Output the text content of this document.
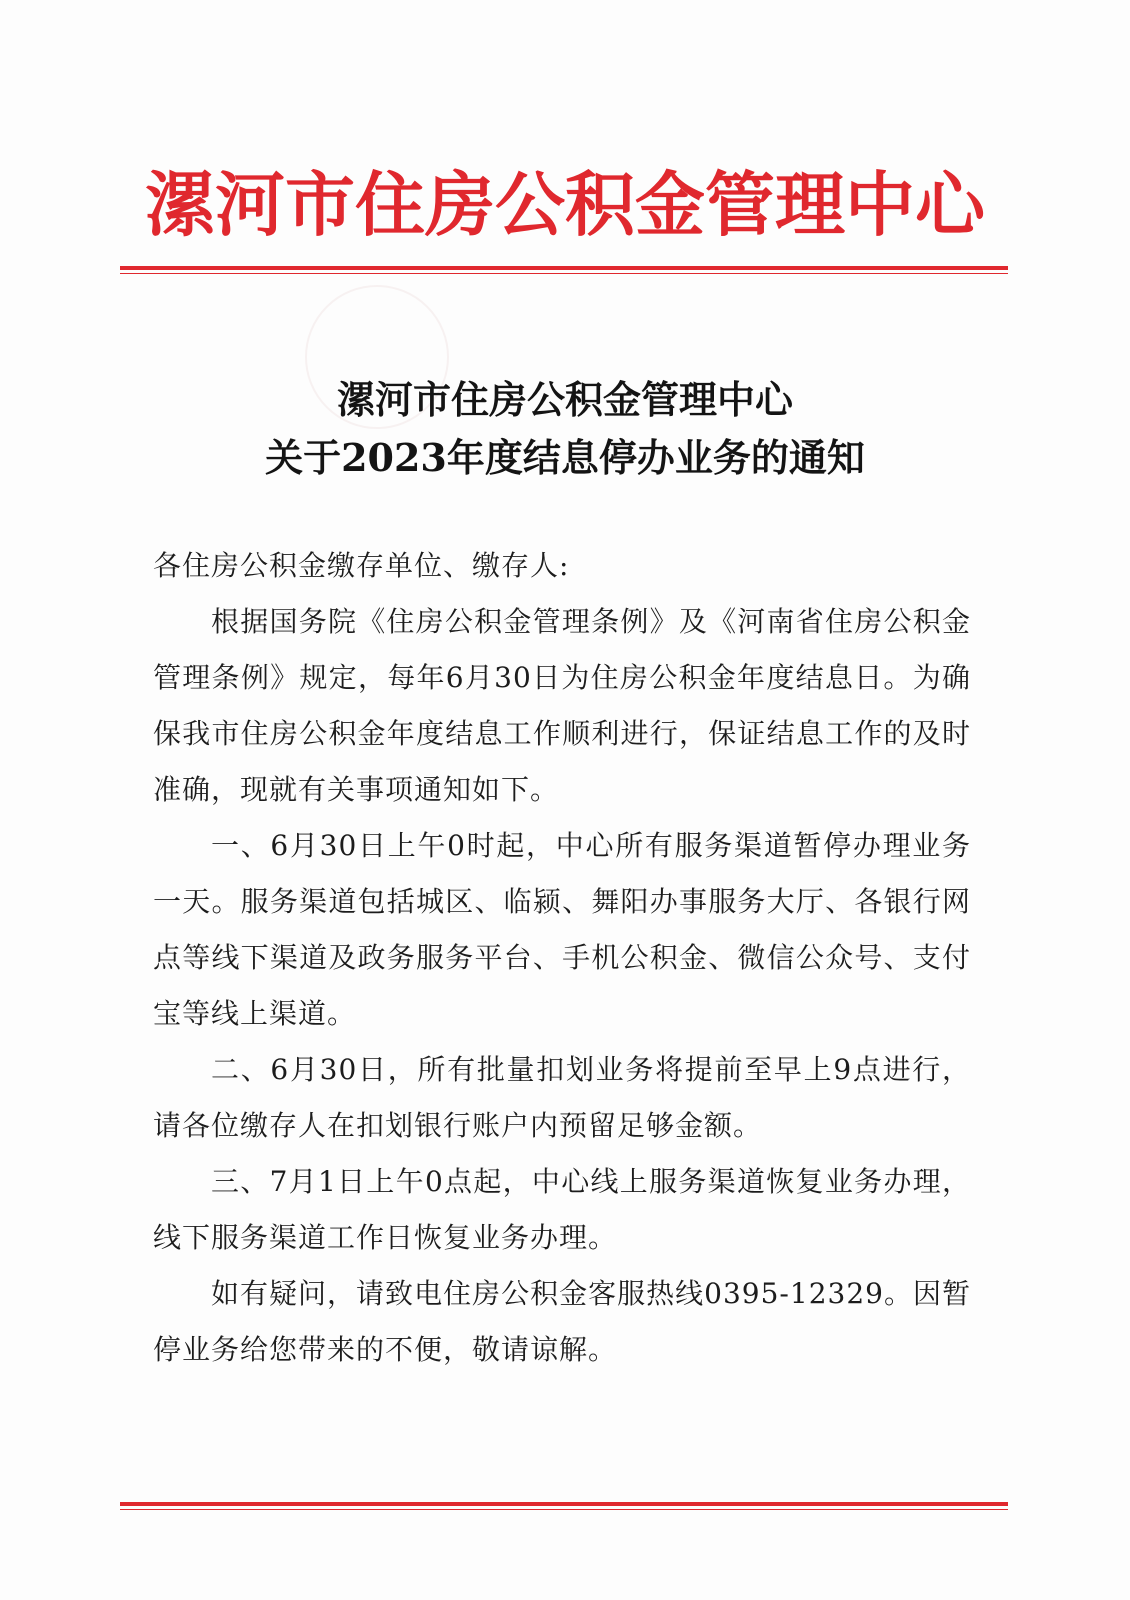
漯河市住房公积金管理中心
漯河市住房公积金管理中心
关于2023年度结息停办业务的通知
各住房公积金缴存单位、缴存人:

根据国务院《住房公积金管理条例》及《河南省住房公积金管理条例》规定，每年6月30日为住房公积金年度结息日。为确保我市住房公积金年度结息工作顺利进行，保证结息工作的及时准确，现就有关事项通知如下。

一、6月30日上午0时起，中心所有服务渠道暂停办理业务一天。服务渠道包括城区、临颍、舞阳办事服务大厅、各银行网点等线下渠道及政务服务平台、手机公积金、微信公众号、支付宝等线上渠道。

二、6月30日，所有批量扣划业务将提前至早上9点进行，请各位缴存人在扣划银行账户内预留足够金额。

三、7月1日上午0点起，中心线上服务渠道恢复业务办理，线下服务渠道工作日恢复业务办理。

如有疑问，请致电住房公积金客服热线0395-12329。因暂停业务给您带来的不便，敬请谅解。
